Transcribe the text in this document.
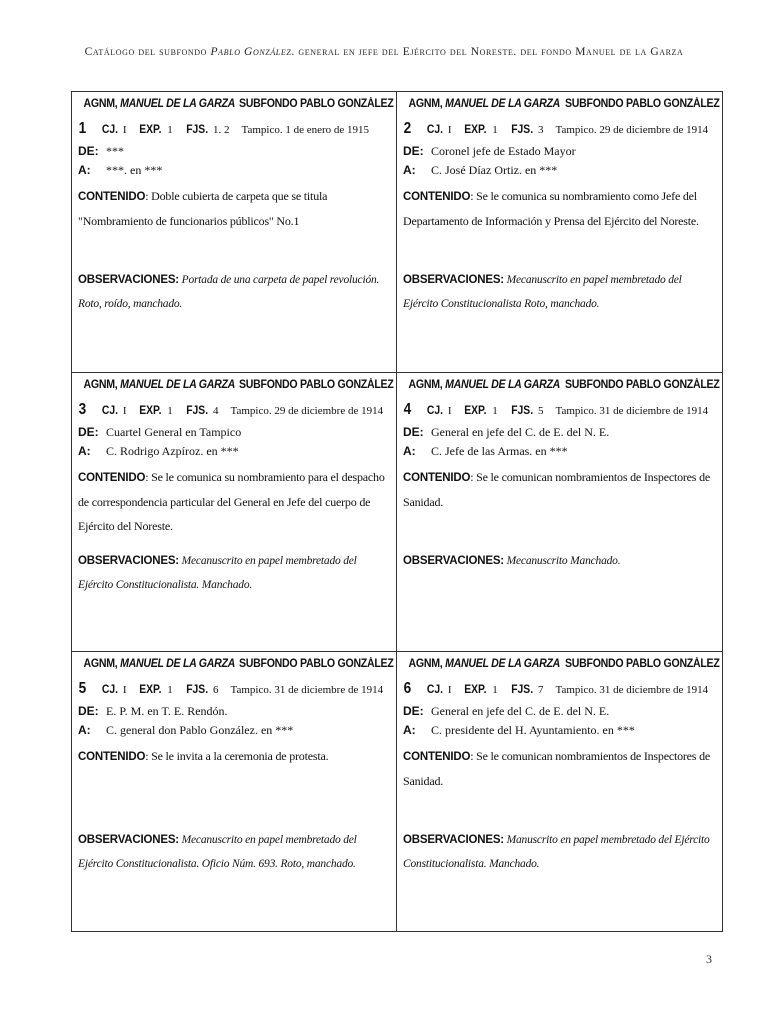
Catálogo del subfondo Pablo González. general en jefe del Ejército del Noreste. del fondo Manuel de la Garza
AGNM, MANUEL DE LA GARZA SUBFONDO PABLO GONZÁLEZ
1 CJ. I EXP. 1 FJS. 1. 2 Tampico. 1 de enero de 1915
DE: ***
A:	***. en ***
CONTENIDO: Doble cubierta de carpeta que se titula "Nombramiento de funcionarios públicos" No.1
OBSERVACIONES: Portada de una carpeta de papel revolución. Roto, roído, manchado.
AGNM, MANUEL DE LA GARZA SUBFONDO PABLO GONZÁLEZ
2 CJ. I EXP. 1 FJS. 3 Tampico. 29 de diciembre de 1914
DE: Coronel jefe de Estado Mayor
A:	C. José Díaz Ortiz. en ***
CONTENIDO: Se le comunica su nombramiento como Jefe del Departamento de Información y Prensa del Ejército del Noreste.
OBSERVACIONES: Mecanuscrito en papel membretado del Ejército Constitucionalista Roto, manchado.
AGNM, MANUEL DE LA GARZA SUBFONDO PABLO GONZÁLEZ
3 CJ. I EXP. 1 FJS. 4 Tampico. 29 de diciembre de 1914
DE: Cuartel General en Tampico
A:	C. Rodrigo Azpíroz. en ***
CONTENIDO: Se le comunica su nombramiento para el despacho de correspondencia particular del General en Jefe del cuerpo de Ejército del Noreste.
OBSERVACIONES: Mecanuscrito en papel membretado del Ejército Constitucionalista. Manchado.
AGNM, MANUEL DE LA GARZA SUBFONDO PABLO GONZÁLEZ
4 CJ. I EXP. 1 FJS. 5 Tampico. 31 de diciembre de 1914
DE: General en jefe del C. de E. del N. E.
A:	C. Jefe de las Armas. en ***
CONTENIDO: Se le comunican nombramientos de Inspectores de Sanidad.
OBSERVACIONES: Mecanuscrito Manchado.
AGNM, MANUEL DE LA GARZA SUBFONDO PABLO GONZÁLEZ
5 CJ. I EXP. 1 FJS. 6 Tampico. 31 de diciembre de 1914
DE: E. P. M. en T. E. Rendón.
A:	C. general don Pablo González. en ***
CONTENIDO: Se le invita a la ceremonia de protesta.
OBSERVACIONES: Mecanuscrito en papel membretado del Ejército Constitucionalista. Oficio Núm. 693. Roto, manchado.
AGNM, MANUEL DE LA GARZA SUBFONDO PABLO GONZÁLEZ
6 CJ. I EXP. 1 FJS. 7 Tampico. 31 de diciembre de 1914
DE: General en jefe del C. de E. del N. E.
A:	C. presidente del H. Ayuntamiento. en ***
CONTENIDO: Se le comunican nombramientos de Inspectores de Sanidad.
OBSERVACIONES: Manuscrito en papel membretado del Ejército Constitucionalista. Manchado.
3
